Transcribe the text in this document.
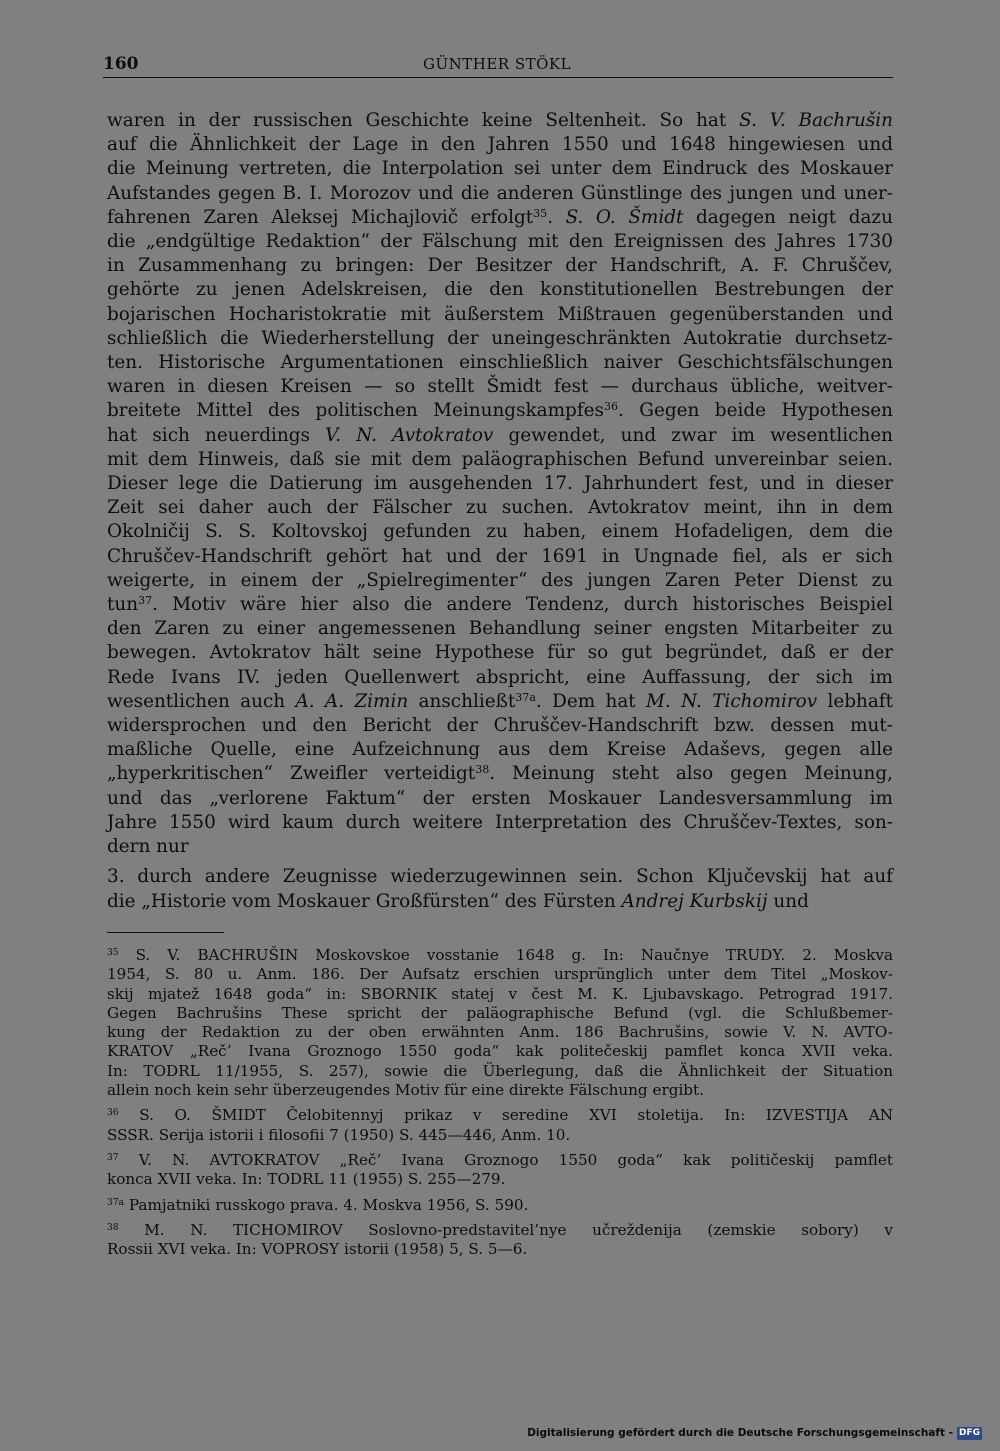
160	GÜNTHER STÖKL

waren in der russischen Geschichte keine Seltenheit. So hat S. V. Bachrušin
auf die Ähnlichkeit der Lage in den Jahren 1550 und 1648 hingewiesen und
die Meinung vertreten, die Interpolation sei unter dem Eindruck des Moskauer
Aufstandes gegen B. I. Morozov und die anderen Günstlinge des jungen und uner-
fahrenen Zaren Aleksej Michajlovič erfolgt$^{35}$. S. O. Šmidt dagegen neigt dazu
die „endgültige Redaktion“ der Fälschung mit den Ereignissen des Jahres 1730
in Zusammenhang zu bringen: Der Besitzer der Handschrift, A. F. Chruščev,
gehörte zu jenen Adelskreisen, die den konstitutionellen Bestrebungen der
bojarischen Hocharistokratie mit äußerstem Mißtrauen gegenüberstanden und
schließlich die Wiederherstellung der uneingeschränkten Autokratie durchsetz-
ten. Historische Argumentationen einschließlich naiver Geschichtsfälschungen
waren in diesen Kreisen — so stellt Šmidt fest — durchaus übliche, weitver-
breitete Mittel des politischen Meinungskampfes$^{36}$. Gegen beide Hypothesen
hat sich neuerdings V. N. Avtokratov gewendet, und zwar im wesentlichen
mit dem Hinweis, daß sie mit dem paläographischen Befund unvereinbar seien.
Dieser lege die Datierung im ausgehenden 17. Jahrhundert fest, und in dieser
Zeit sei daher auch der Fälscher zu suchen. Avtokratov meint, ihn in dem
Okolničij S. S. Koltovskoj gefunden zu haben, einem Hofadeligen, dem die
Chruščev-Handschrift gehört hat und der 1691 in Ungnade fiel, als er sich
weigerte, in einem der „Spielregimenter“ des jungen Zaren Peter Dienst zu
tun$^{37}$. Motiv wäre hier also die andere Tendenz, durch historisches Beispiel
den Zaren zu einer angemessenen Behandlung seiner engsten Mitarbeiter zu
bewegen. Avtokratov hält seine Hypothese für so gut begründet, daß er der
Rede Ivans IV. jeden Quellenwert abspricht, eine Auffassung, der sich im
wesentlichen auch A. A. Zimin anschließt$^{37a}$. Dem hat M. N. Tichomirov lebhaft
widersprochen und den Bericht der Chruščev-Handschrift bzw. dessen mut-
maßliche Quelle, eine Aufzeichnung aus dem Kreise Adaševs, gegen alle
„hyperkritischen“ Zweifler verteidigt$^{38}$. Meinung steht also gegen Meinung,
und das „verlorene Faktum“ der ersten Moskauer Landesversammlung im
Jahre 1550 wird kaum durch weitere Interpretation des Chruščev-Textes, son-
dern nur

3. durch andere Zeugnisse wiederzugewinnen sein. Schon Ključevskij hat auf
die „Historie vom Moskauer Großfürsten“ des Fürsten Andrej Kurbskij und

$^{35}$ S. V. BACHRUŠIN Moskovskoe vosstanie 1648 g. In: Naučnye TRUDY. 2. Moskva
1954, S. 80 u. Anm. 186. Der Aufsatz erschien ursprünglich unter dem Titel „Moskov-
skij mjatež 1648 goda“ in: SBORNIK statej v čest M. K. Ljubavskago. Petrograd 1917.
Gegen Bachrušins These spricht der paläographische Befund (vgl. die Schlußbemer-
kung der Redaktion zu der oben erwähnten Anm. 186 Bachrušins, sowie V. N. AVTO-
KRATOV „Reč’ Ivana Groznogo 1550 goda“ kak politečeskij pamflet konca XVII veka.
In: TODRL 11/1955, S. 257), sowie die Überlegung, daß die Ähnlichkeit der Situation
allein noch kein sehr überzeugendes Motiv für eine direkte Fälschung ergibt.

$^{36}$ S. O. ŠMIDT Čelobitennyj prikaz v seredine XVI stoletija. In: IZVESTIJA AN
SSSR. Serija istorii i filosofii 7 (1950) S. 445—446, Anm. 10.

$^{37}$ V. N. AVTOKRATOV „Reč’ Ivana Groznogo 1550 goda“ kak političeskij pamflet
konca XVII veka. In: TODRL 11 (1955) S. 255—279.

$^{37a}$ Pamjatniki russkogo prava. 4. Moskva 1956, S. 590.

$^{38}$ M. N. TICHOMIROV Soslovno-predstavitel’nye učreždenija (zemskie sobory) v
Rossii XVI veka. In: VOPROSY istorii (1958) 5, S. 5—6.

Digitalisierung gefördert durch die Deutsche Forschungsgemeinschaft - DFG
